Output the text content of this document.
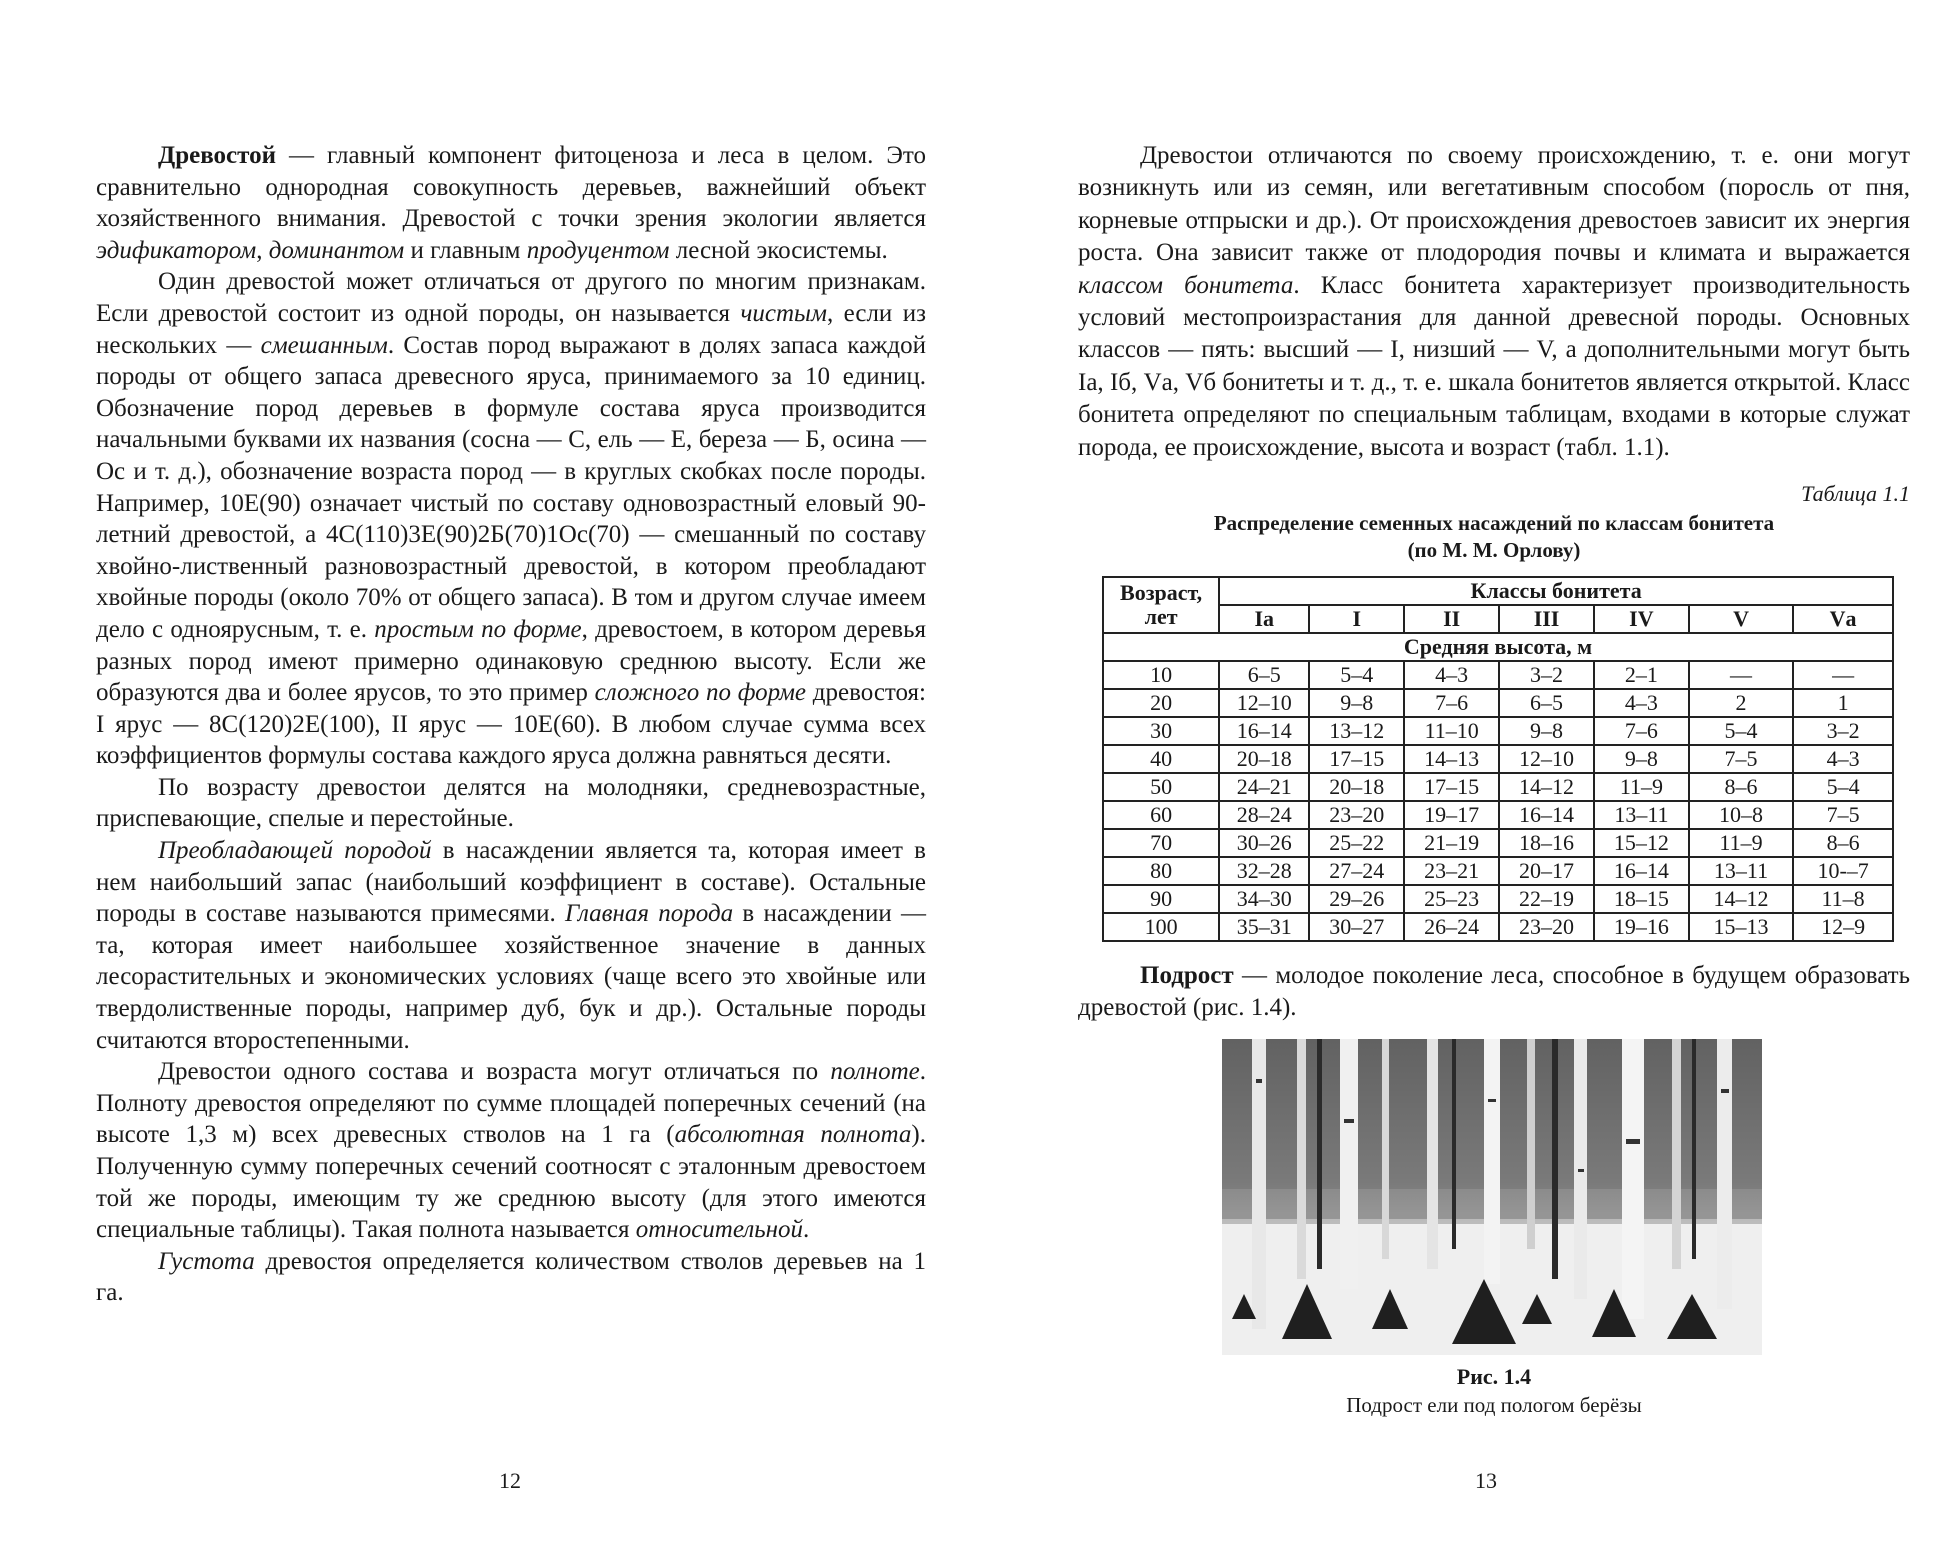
Древостой — главный компонент фитоценоза и леса в целом. Это сравнительно однородная совокупность деревьев, важнейший объект хозяйственного внимания. Древостой с точки зрения экологии является эдификатором, доминантом и главным продуцентом лесной экосистемы.

Один древостой может отличаться от другого по многим признакам. Если древостой состоит из одной породы, он называется чистым, если из нескольких — смешанным. Состав пород выражают в долях запаса каждой породы от общего запаса древесного яруса, принимаемого за 10 единиц. Обозначение пород деревьев в формуле состава яруса производится начальными буквами их названия (сосна — С, ель — Е, береза — Б, осина — Ос и т. д.), обозначение возраста пород — в круглых скобках после породы. Например, 10Е(90) означает чистый по составу одновозрастный еловый 90-летний древостой, а 4С(110)3Е(90)2Б(70)1Ос(70) — смешанный по составу хвойно-лиственный разновозрастный древостой, в котором преобладают хвойные породы (около 70% от общего запаса). В том и другом случае имеем дело с одноярусным, т. е. простым по форме, древостоем, в котором деревья разных пород имеют примерно одинаковую среднюю высоту. Если же образуются два и более ярусов, то это пример сложного по форме древостоя: I ярус — 8С(120)2Е(100), II ярус — 10Е(60). В любом случае сумма всех коэффициентов формулы состава каждого яруса должна равняться десяти.

По возрасту древостои делятся на молодняки, средневозрастные, приспевающие, спелые и перестойные.

Преобладающей породой в насаждении является та, которая имеет в нем наибольший запас (наибольший коэффициент в составе). Остальные породы в составе называются примесями. Главная порода в насаждении — та, которая имеет наибольшее хозяйственное значение в данных лесорастительных и экономических условиях (чаще всего это хвойные или твердолиственные породы, например дуб, бук и др.). Остальные породы считаются второстепенными.

Древостои одного состава и возраста могут отличаться по полноте. Полноту древостоя определяют по сумме площадей поперечных сечений (на высоте 1,3 м) всех древесных стволов на 1 га (абсолютная полнота). Полученную сумму поперечных сечений соотносят с эталонным древостоем той же породы, имеющим ту же среднюю высоту (для этого имеются специальные таблицы). Такая полнота называется относительной.

Густота древостоя определяется количеством стволов деревьев на 1 га.

Древостои отличаются по своему происхождению, т. е. они могут возникнуть или из семян, или вегетативным способом (поросль от пня, корневые отпрыски и др.). От происхождения древостоев зависит их энергия роста. Она зависит также от плодородия почвы и климата и выражается классом бонитета. Класс бонитета характеризует производительность условий местопроизрастания для данной древесной породы. Основных классов — пять: высший — I, низший — V, а дополнительными могут быть Iа, Iб, Vа, Vб бонитеты и т. д., т. е. шкала бонитетов является открытой. Класс бонитета определяют по специальным таблицам, входами в которые служат порода, ее происхождение, высота и возраст (табл. 1.1).

Таблица 1.1
Распределение семенных насаждений по классам бонитета
(по М. М. Орлову)
Возраст,
лет	Классы бонитета						
	Iа	I	II	III	IV	V	Vа
Средняя высота, м							
10	6–5	5–4	4–3	3–2	2–1	—	—
20	12–10	9–8	7–6	6–5	4–3	2	1
30	16–14	13–12	11–10	9–8	7–6	5–4	3–2
40	20–18	17–15	14–13	12–10	9–8	7–5	4–3
50	24–21	20–18	17–15	14–12	11–9	8–6	5–4
60	28–24	23–20	19–17	16–14	13–11	10–8	7–5
70	30–26	25–22	21–19	18–16	15–12	11–9	8–6
80	32–28	27–24	23–21	20–17	16–14	13–11	10-–7
90	34–30	29–26	25–23	22–19	18–15	14–12	11–8
100	35–31	30–27	26–24	23–20	19–16	15–13	12–9

Подрост — молодое поколение леса, способное в будущем образовать древостой (рис. 1.4).

Рис. 1.4
Подрост ели под пологом берёзы
12	13
